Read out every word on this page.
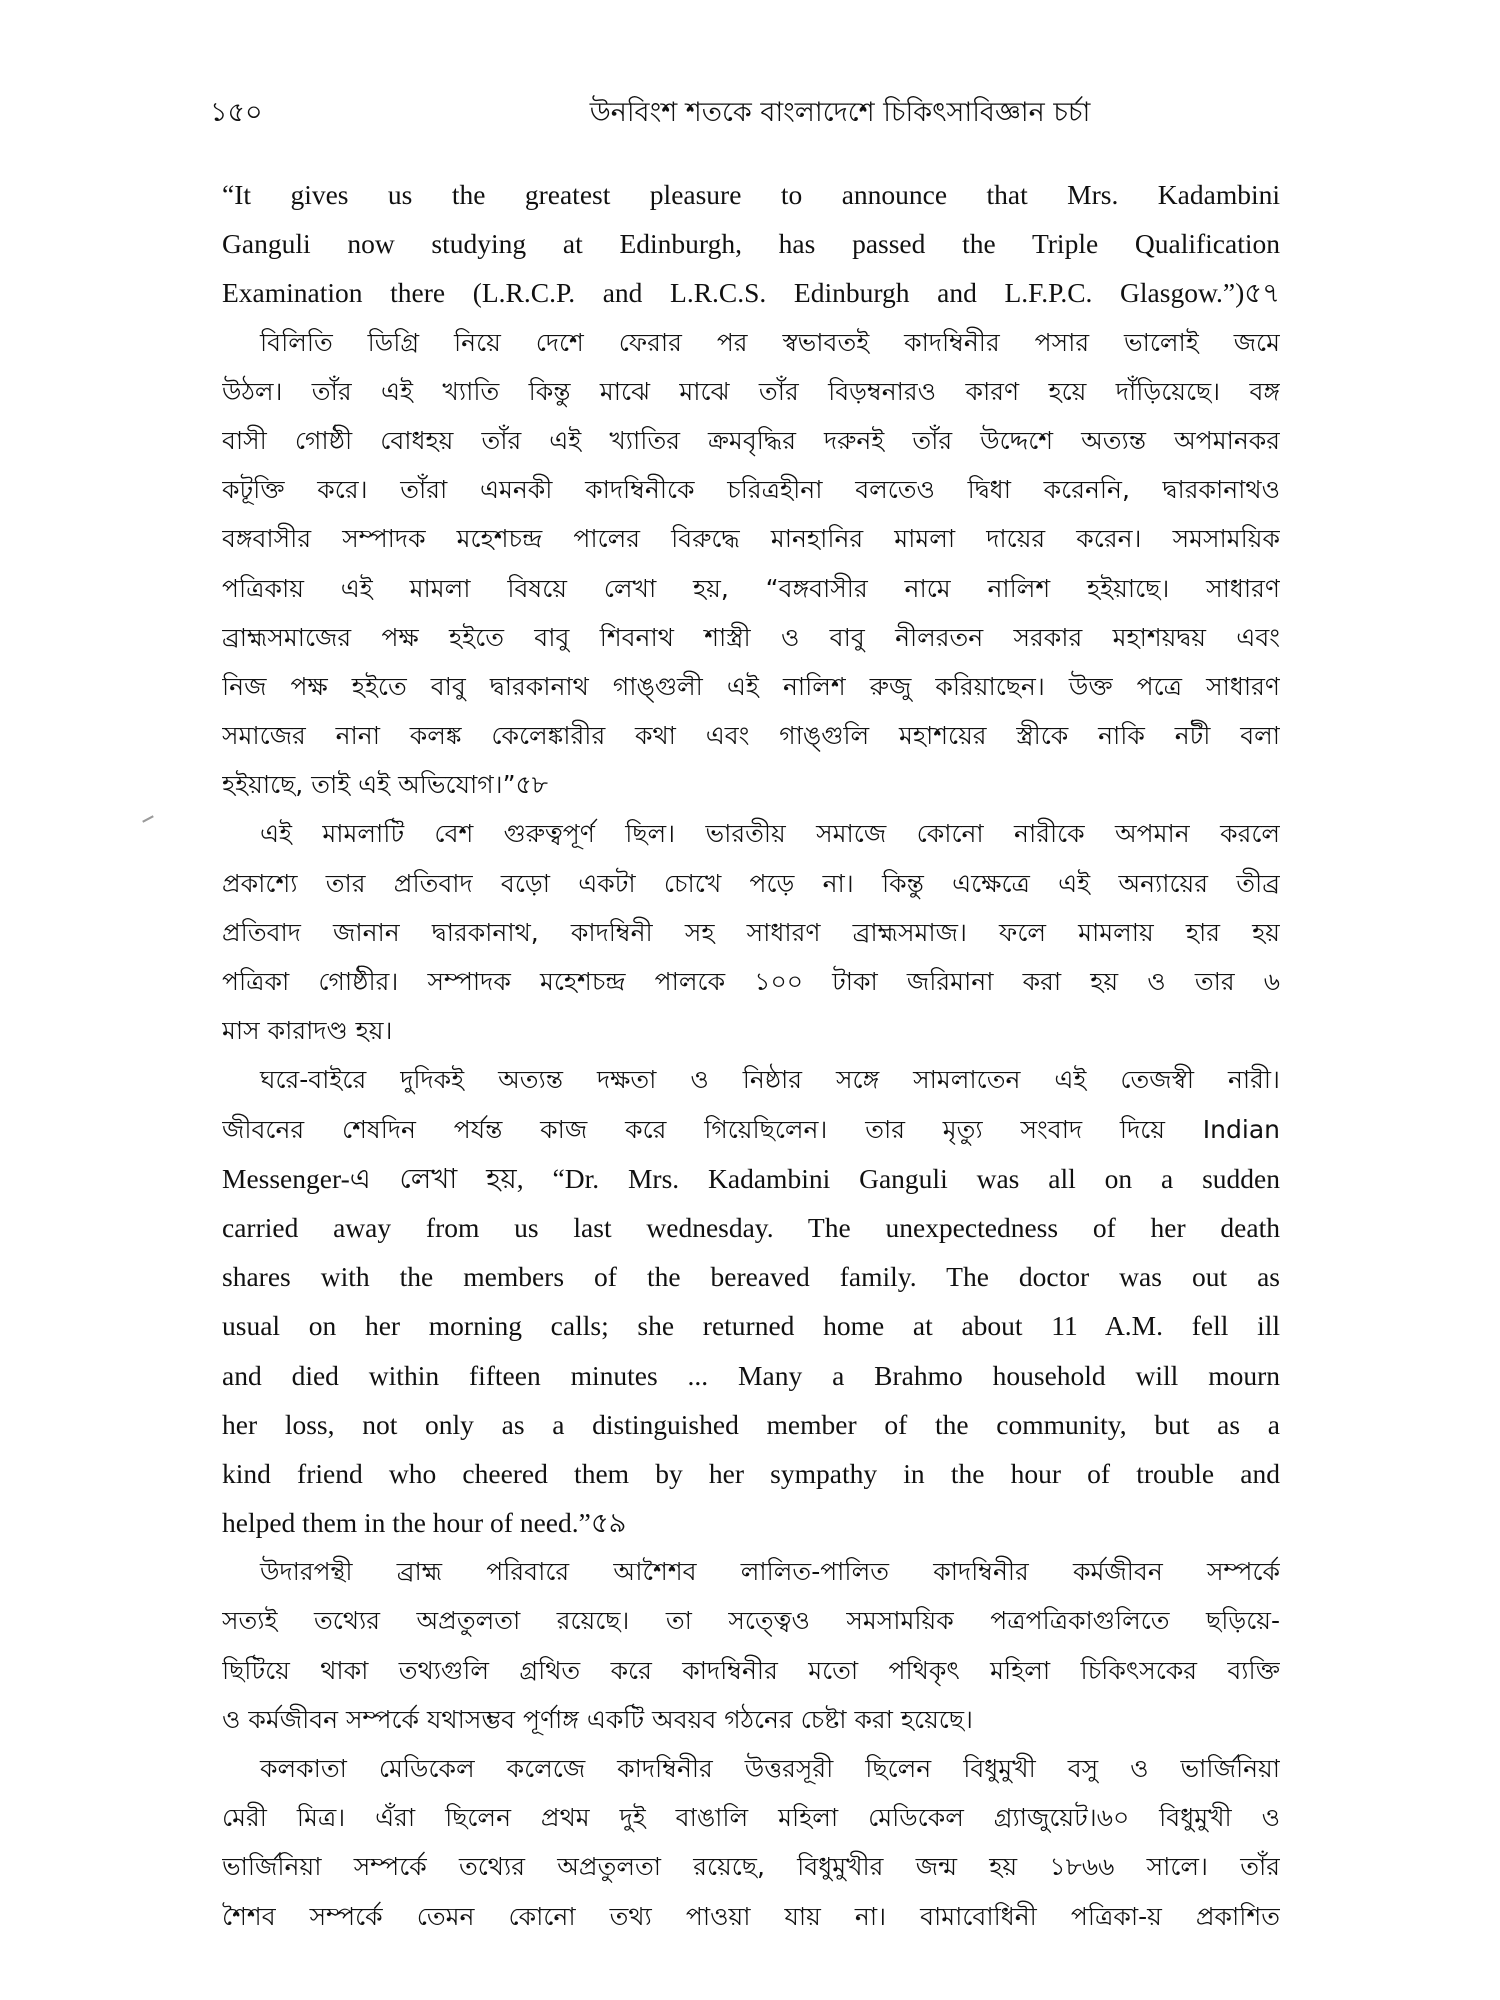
১৫০	উনবিংশ শতকে বাংলাদেশে চিকিৎসাবিজ্ঞান চর্চা
“It gives us the greatest pleasure to announce that Mrs. Kadambini
Ganguli now studying at Edinburgh, has passed the Triple Qualification
Examination there (L.R.C.P. and L.R.C.S. Edinburgh and L.F.P.C. Glasgow.”)৫৭
বিলিতি ডিগ্রি নিয়ে দেশে ফেরার পর স্বভাবতই কাদম্বিনীর পসার ভালোই জমে
উঠল। তাঁর এই খ্যাতি কিন্তু মাঝে মাঝে তাঁর বিড়ম্বনারও কারণ হয়ে দাঁড়িয়েছে। বঙ্গ
বাসী গোষ্ঠী বোধহয় তাঁর এই খ্যাতির ক্রমবৃদ্ধির দরুনই তাঁর উদ্দেশে অত্যন্ত অপমানকর
কটূক্তি করে। তাঁরা এমনকী কাদম্বিনীকে চরিত্রহীনা বলতেও দ্বিধা করেননি, দ্বারকানাথও
বঙ্গবাসীর সম্পাদক মহেশচন্দ্র পালের বিরুদ্ধে মানহানির মামলা দায়ের করেন। সমসাময়িক
পত্রিকায় এই মামলা বিষয়ে লেখা হয়, “বঙ্গবাসীর নামে নালিশ হইয়াছে। সাধারণ
ব্রাহ্মসমাজের পক্ষ হইতে বাবু শিবনাথ শাস্ত্রী ও বাবু নীলরতন সরকার মহাশয়দ্বয় এবং
নিজ পক্ষ হইতে বাবু দ্বারকানাথ গাঙ্গুলী এই নালিশ রুজু করিয়াছেন। উক্ত পত্রে সাধারণ
সমাজের নানা কলঙ্ক কেলেঙ্কারীর কথা এবং গাঙ্গুলি মহাশয়ের স্ত্রীকে নাকি নটী বলা
হইয়াছে, তাই এই অভিযোগ।”৫৮
এই মামলাটি বেশ গুরুত্বপূর্ণ ছিল। ভারতীয় সমাজে কোনো নারীকে অপমান করলে
প্রকাশ্যে তার প্রতিবাদ বড়ো একটা চোখে পড়ে না। কিন্তু এক্ষেত্রে এই অন্যায়ের তীব্র
প্রতিবাদ জানান দ্বারকানাথ, কাদম্বিনী সহ সাধারণ ব্রাহ্মসমাজ। ফলে মামলায় হার হয়
পত্রিকা গোষ্ঠীর। সম্পাদক মহেশচন্দ্র পালকে ১০০ টাকা জরিমানা করা হয় ও তার ৬
মাস কারাদণ্ড হয়।
ঘরে-বাইরে দুদিকই অত্যন্ত দক্ষতা ও নিষ্ঠার সঙ্গে সামলাতেন এই তেজস্বী নারী।
জীবনের শেষদিন পর্যন্ত কাজ করে গিয়েছিলেন। তার মৃত্যু সংবাদ দিয়ে Indian
Messenger-এ লেখা হয়, “Dr. Mrs. Kadambini Ganguli was all on a sudden
carried away from us last wednesday. The unexpectedness of her death
shares with the members of the bereaved family. The doctor was out as
usual on her morning calls; she returned home at about 11 A.M. fell ill
and died within fifteen minutes ... Many a Brahmo household will mourn
her loss, not only as a distinguished member of the community, but as a
kind friend who cheered them by her sympathy in the hour of trouble and
helped them in the hour of need.”৫৯
উদারপন্থী ব্রাহ্ম পরিবারে আশৈশব লালিত-পালিত কাদম্বিনীর কর্মজীবন সম্পর্কে
সত্যই তথ্যের অপ্রতুলতা রয়েছে। তা সত্ত্বেও সমসাময়িক পত্রপত্রিকাগুলিতে ছড়িয়ে-
ছিটিয়ে থাকা তথ্যগুলি গ্রথিত করে কাদম্বিনীর মতো পথিকৃৎ মহিলা চিকিৎসকের ব্যক্তি
ও কর্মজীবন সম্পর্কে যথাসম্ভব পূর্ণাঙ্গ একটি অবয়ব গঠনের চেষ্টা করা হয়েছে।
কলকাতা মেডিকেল কলেজে কাদম্বিনীর উত্তরসূরী ছিলেন বিধুমুখী বসু ও ভার্জিনিয়া
মেরী মিত্র। এঁরা ছিলেন প্রথম দুই বাঙালি মহিলা মেডিকেল গ্র্যাজুয়েট।৬০ বিধুমুখী ও
ভার্জিনিয়া সম্পর্কে তথ্যের অপ্রতুলতা রয়েছে, বিধুমুখীর জন্ম হয় ১৮৬৬ সালে। তাঁর
শৈশব সম্পর্কে তেমন কোনো তথ্য পাওয়া যায় না। বামাবোধিনী পত্রিকা-য় প্রকাশিত
